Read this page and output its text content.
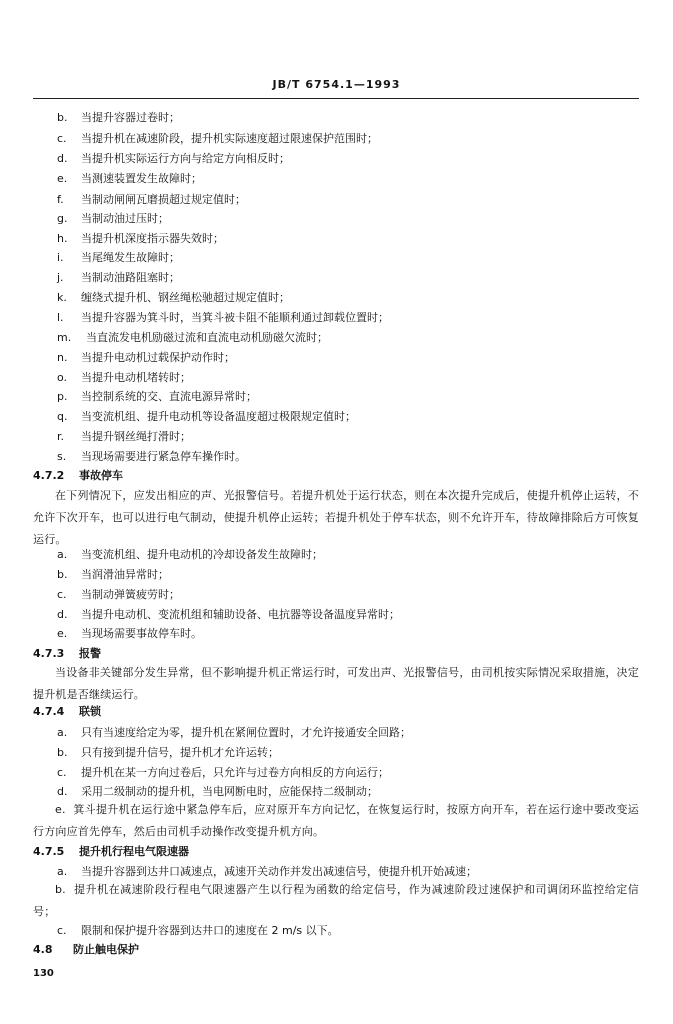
JB/T 6754.1—1993
b. 当提升容器过卷时；
c. 当提升机在减速阶段，提升机实际速度超过限速保护范围时；
d. 当提升机实际运行方向与给定方向相反时；
e. 当测速装置发生故障时；
f. 当制动闸闸瓦磨损超过规定值时；
g. 当制动油过压时；
h. 当提升机深度指示器失效时；
i. 当尾绳发生故障时；
j. 当制动油路阻塞时；
k. 缠绕式提升机、钢丝绳松驰超过规定值时；
l. 当提升容器为箕斗时，当箕斗被卡阻不能顺利通过卸载位置时；
m. 当直流发电机励磁过流和直流电动机励磁欠流时；
n. 当提升电动机过载保护动作时；
o. 当提升电动机堵转时；
p. 当控制系统的交、直流电源异常时；
q. 当变流机组、提升电动机等设备温度超过极限规定值时；
r. 当提升钢丝绳打滑时；
s. 当现场需要进行紧急停车操作时。
4.7.2 事故停车
在下列情况下，应发出相应的声、光报警信号。若提升机处于运行状态，则在本次提升完成后，使提升机停止运转，不允许下次开车，也可以进行电气制动，使提升机停止运转；若提升机处于停车状态，则不允许开车，待故障排除后方可恢复运行。
a. 当变流机组、提升电动机的冷却设备发生故障时；
b. 当润滑油异常时；
c. 当制动弹簧疲劳时；
d. 当提升电动机、变流机组和辅助设备、电抗器等设备温度异常时；
e. 当现场需要事故停车时。
4.7.3 报警
当设备非关键部分发生异常，但不影响提升机正常运行时，可发出声、光报警信号，由司机按实际情况采取措施，决定提升机是否继续运行。
4.7.4 联锁
a. 只有当速度给定为零，提升机在紧闸位置时，才允许接通安全回路；
b. 只有接到提升信号，提升机才允许运转；
c. 提升机在某一方向过卷后，只允许与过卷方向相反的方向运行；
d. 采用二级制动的提升机，当电网断电时，应能保持二级制动；
e. 箕斗提升机在运行途中紧急停车后，应对原开车方向记忆，在恢复运行时，按原方向开车，若在运行途中要改变运行方向应首先停车，然后由司机手动操作改变提升机方向。
4.7.5 提升机行程电气限速器
a. 当提升容器到达井口减速点，减速开关动作并发出减速信号，使提升机开始减速；
b. 提升机在减速阶段行程电气限速器产生以行程为函数的给定信号，作为减速阶段过速保护和司调闭环监控给定信号；
c. 限制和保护提升容器到达井口的速度在 2 m/s 以下。
4.8 防止触电保护
130
